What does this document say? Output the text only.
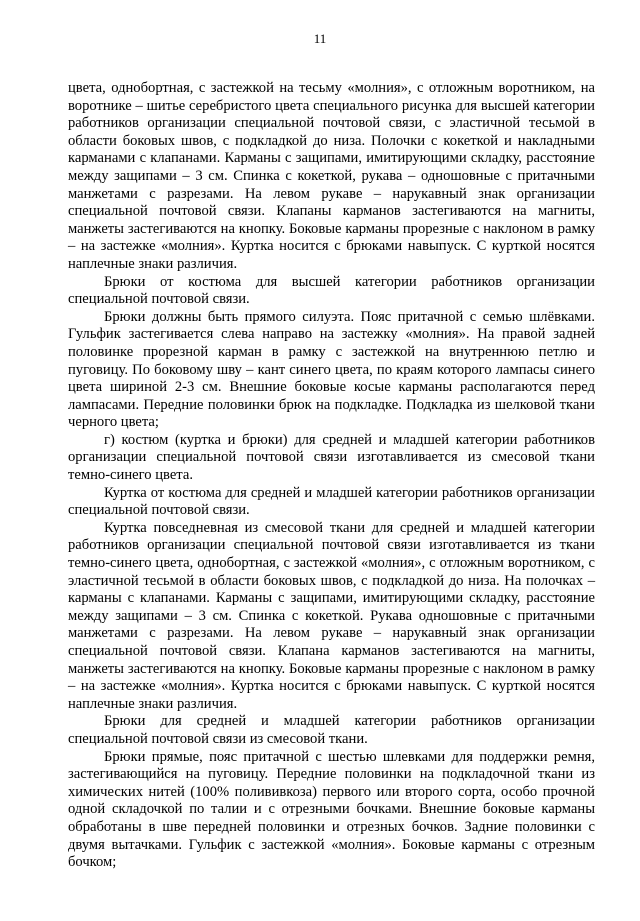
11

цвета, однобортная, с застежкой на тесьму «молния», с отложным воротником, на воротнике – шитье серебристого цвета специального рисунка для высшей категории работников организации специальной почтовой связи, с эластичной тесьмой в области боковых швов, с подкладкой до низа. Полочки с кокеткой и накладными карманами с клапанами. Карманы с защипами, имитирующими складку, расстояние между защипами – 3 см. Спинка с кокеткой, рукава – одношовные с притачными манжетами с разрезами. На левом рукаве – нарукавный знак организации специальной почтовой связи. Клапаны карманов застегиваются на магниты, манжеты застегиваются на кнопку. Боковые карманы прорезные с наклоном в рамку – на застежке «молния». Куртка носится с брюками навыпуск. С курткой носятся наплечные знаки различия.

Брюки от костюма для высшей категории работников организации специальной почтовой связи.

Брюки должны быть прямого силуэта. Пояс притачной с семью шлёвками. Гульфик застегивается слева направо на застежку «молния». На правой задней половинке прорезной карман в рамку с застежкой на внутреннюю петлю и пуговицу. По боковому шву – кант синего цвета, по краям которого лампасы синего цвета шириной 2-3 см. Внешние боковые косые карманы располагаются перед лампасами. Передние половинки брюк на подкладке. Подкладка из шелковой ткани черного цвета;

г) костюм (куртка и брюки) для средней и младшей категории работников организации специальной почтовой связи изготавливается из смесовой ткани темно-синего цвета.

Куртка от костюма для средней и младшей категории работников организации специальной почтовой связи.

Куртка повседневная из смесовой ткани для средней и младшей категории работников организации специальной почтовой связи изготавливается из ткани темно-синего цвета, однобортная, с застежкой «молния», с отложным воротником, с эластичной тесьмой в области боковых швов, с подкладкой до низа. На полочках – карманы с клапанами. Карманы с защипами, имитирующими складку, расстояние между защипами – 3 см. Спинка с кокеткой. Рукава одношовные с притачными манжетами с разрезами. На левом рукаве – нарукавный знак организации специальной почтовой связи. Клапана карманов застегиваются на магниты, манжеты застегиваются на кнопку. Боковые карманы прорезные с наклоном в рамку – на застежке «молния». Куртка носится с брюками навыпуск. С курткой носятся наплечные знаки различия.

Брюки для средней и младшей категории работников организации специальной почтовой связи из смесовой ткани.

Брюки прямые, пояс притачной с шестью шлевками для поддержки ремня, застегивающийся на пуговицу. Передние половинки на подкладочной ткани из химических нитей (100% полививкоза) первого или второго сорта, особо прочной одной складочкой по талии и с отрезными бочками. Внешние боковые карманы обработаны в шве передней половинки и отрезных бочков. Задние половинки с двумя вытачками. Гульфик с застежкой «молния». Боковые карманы с отрезным бочком;
